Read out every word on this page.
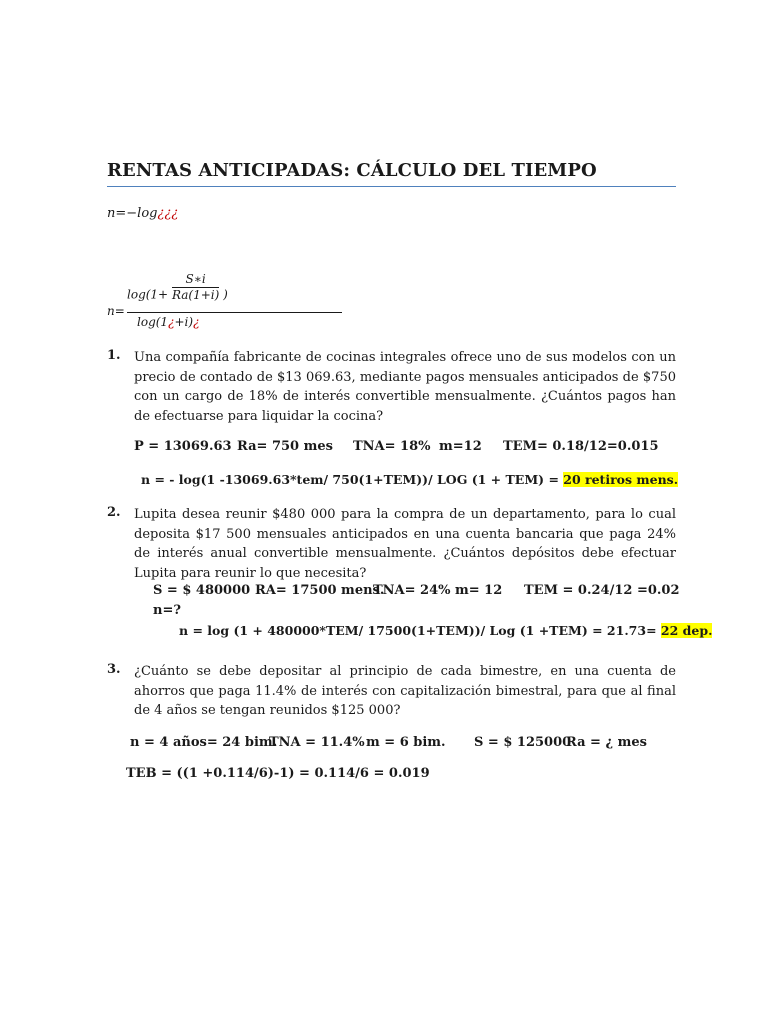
RENTAS ANTICIPADAS: CÁLCULO DEL TIEMPO
n=−log¿¿¿
n=
$\log(1+ \frac{S∗i}{Ra(1+i)}$ )
log(1¿+i)¿
1. Una compañía fabricante de cocinas integrales ofrece uno de sus modelos con un precio de contado de $13 069.63, mediante pagos mensuales anticipados de $750 con un cargo de 18% de interés convertible mensualmente. ¿Cuántos pagos han de efectuarse para liquidar la cocina?
P = 13069.63 Ra= 750 mes TNA= 18% m=12 TEM= 0.18/12=0.015
n = - log(1 -13069.63*tem/ 750(1+TEM))/ LOG (1 + TEM) = 20 retiros mens.
2. Lupita desea reunir $480 000 para la compra de un departamento, para lo cual deposita $17 500 mensuales anticipados en una cuenta bancaria que paga 24% de interés anual convertible mensualmente. ¿Cuántos depósitos debe efectuar Lupita para reunir lo que necesita?
S = $ 480000 RA= 17500 mens.
TNA= 24% m= 12 TEM = 0.24/12 =0.02
n=?
n = log (1 + 480000*TEM/ 17500(1+TEM))/ Log (1 +TEM) = 21.73= 22 dep.
3. ¿Cuánto se debe depositar al principio de cada bimestre, en una cuenta de ahorros que paga 11.4% de interés con capitalización bimestral, para que al final de 4 años se tengan reunidos $125 000?
n = 4 años= 24 bim.
TNA = 11.4% m = 6 bim. S = $ 125000
Ra = ¿ mes
TEB = ((1 +0.114/6)-1) = 0.114/6 = 0.019
